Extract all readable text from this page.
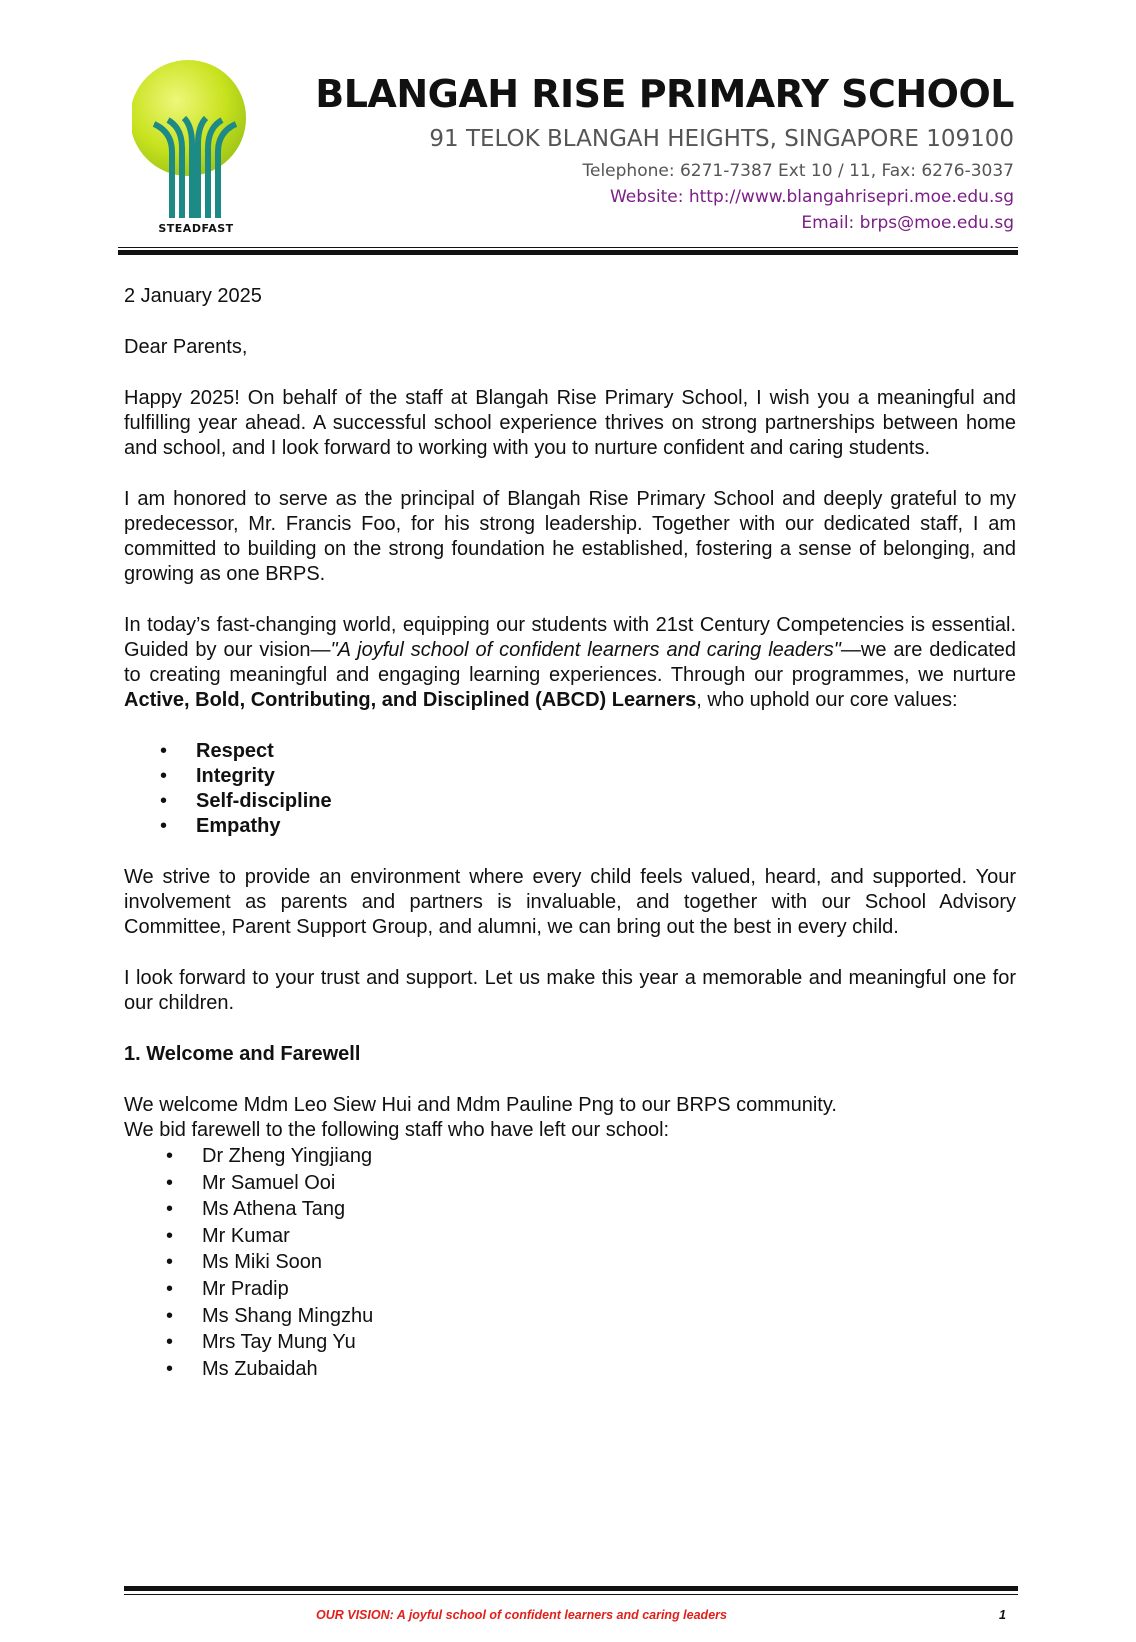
STEADFAST
BLANGAH RISE PRIMARY SCHOOL
91 TELOK BLANGAH HEIGHTS, SINGAPORE 109100
Telephone: 6271-7387 Ext 10 / 11, Fax: 6276-3037
Website: http://www.blangahrisepri.moe.edu.sg
Email: brps@moe.edu.sg

2 January 2025

Dear Parents,

Happy 2025! On behalf of the staff at Blangah Rise Primary School, I wish you a meaningful and fulfilling year ahead. A successful school experience thrives on strong partnerships between home and school, and I look forward to working with you to nurture confident and caring students.

I am honored to serve as the principal of Blangah Rise Primary School and deeply grateful to my predecessor, Mr. Francis Foo, for his strong leadership. Together with our dedicated staff, I am committed to building on the strong foundation he established, fostering a sense of belonging, and growing as one BRPS.

In today’s fast-changing world, equipping our students with 21st Century Competencies is essential. Guided by our vision—"A joyful school of confident learners and caring leaders"—we are dedicated to creating meaningful and engaging learning experiences. Through our programmes, we nurture Active, Bold, Contributing, and Disciplined (ABCD) Learners, who uphold our core values:

• Respect
• Integrity
• Self-discipline
• Empathy

We strive to provide an environment where every child feels valued, heard, and supported. Your involvement as parents and partners is invaluable, and together with our School Advisory Committee, Parent Support Group, and alumni, we can bring out the best in every child.

I look forward to your trust and support. Let us make this year a memorable and meaningful one for our children.

1. Welcome and Farewell
We welcome Mdm Leo Siew Hui and Mdm Pauline Png to our BRPS community.
We bid farewell to the following staff who have left our school:
• Dr Zheng Yingjiang
• Mr Samuel Ooi
• Ms Athena Tang
• Mr Kumar
• Ms Miki Soon
• Mr Pradip
• Ms Shang Mingzhu
• Mrs Tay Mung Yu
• Ms Zubaidah
OUR VISION: A joyful school of confident learners and caring leaders	1
